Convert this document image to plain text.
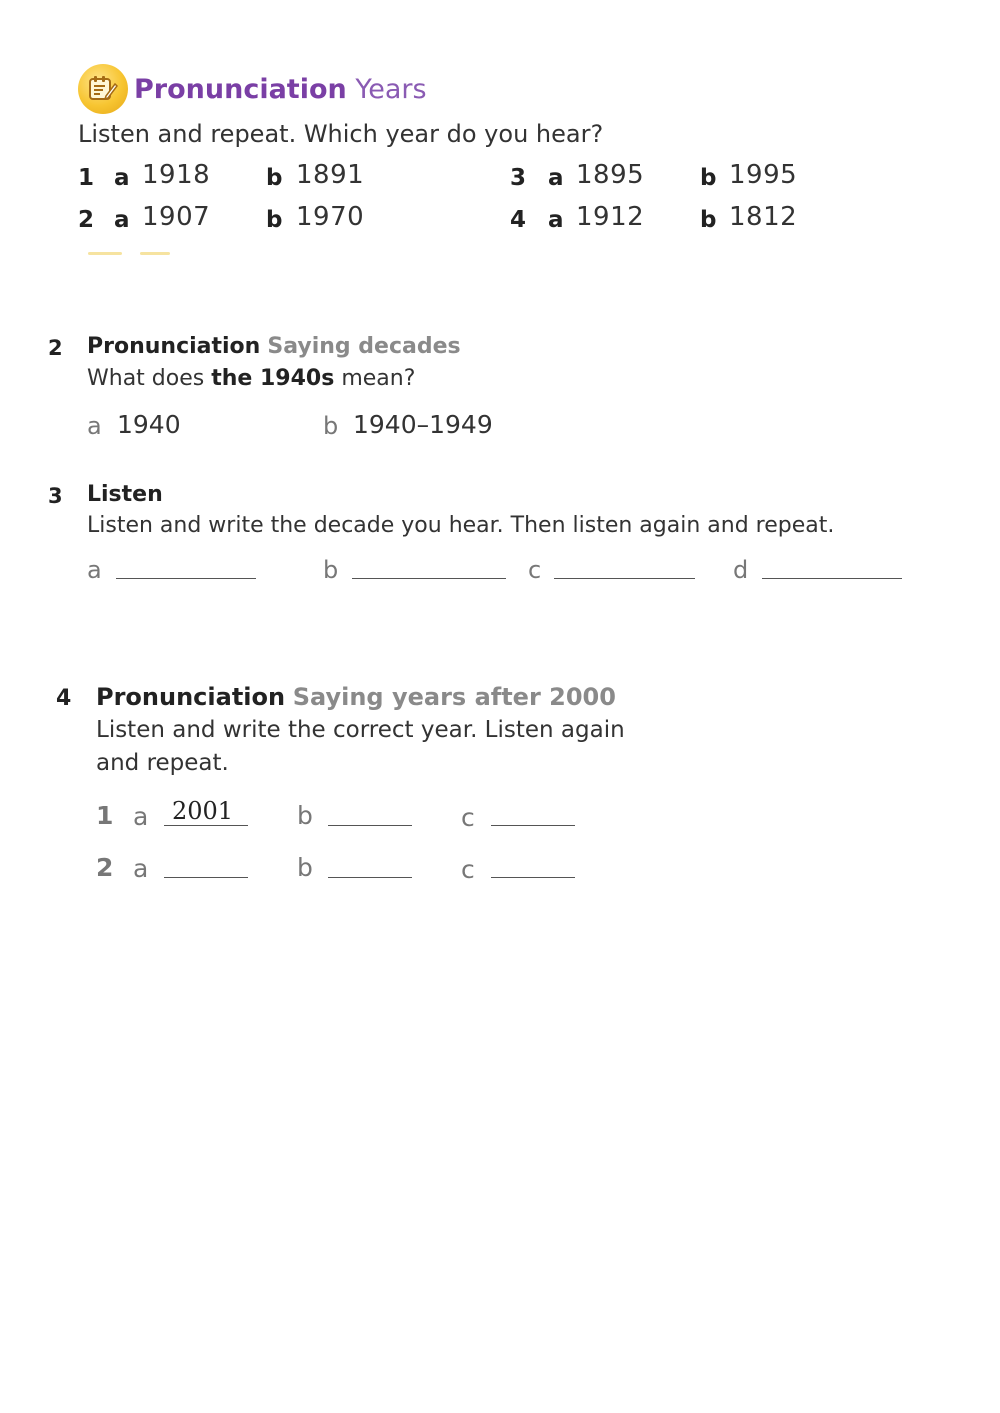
Pronunciation Years
Listen and repeat. Which year do you hear?
1 a 1918 b 1891
2 a 1907 b 1970
3 a 1895 b 1995
4 a 1912 b 1812
2 Pronunciation Saying decades
What does the 1940s mean?
a 1940	b 1940–1949
3 Listen
Listen and write the decade you hear. Then listen again and repeat.
a	b	c	d
4 Pronunciation Saying years after 2000
Listen and write the correct year. Listen again
and repeat.
1 a 2001	b	c
2 a	b	c
